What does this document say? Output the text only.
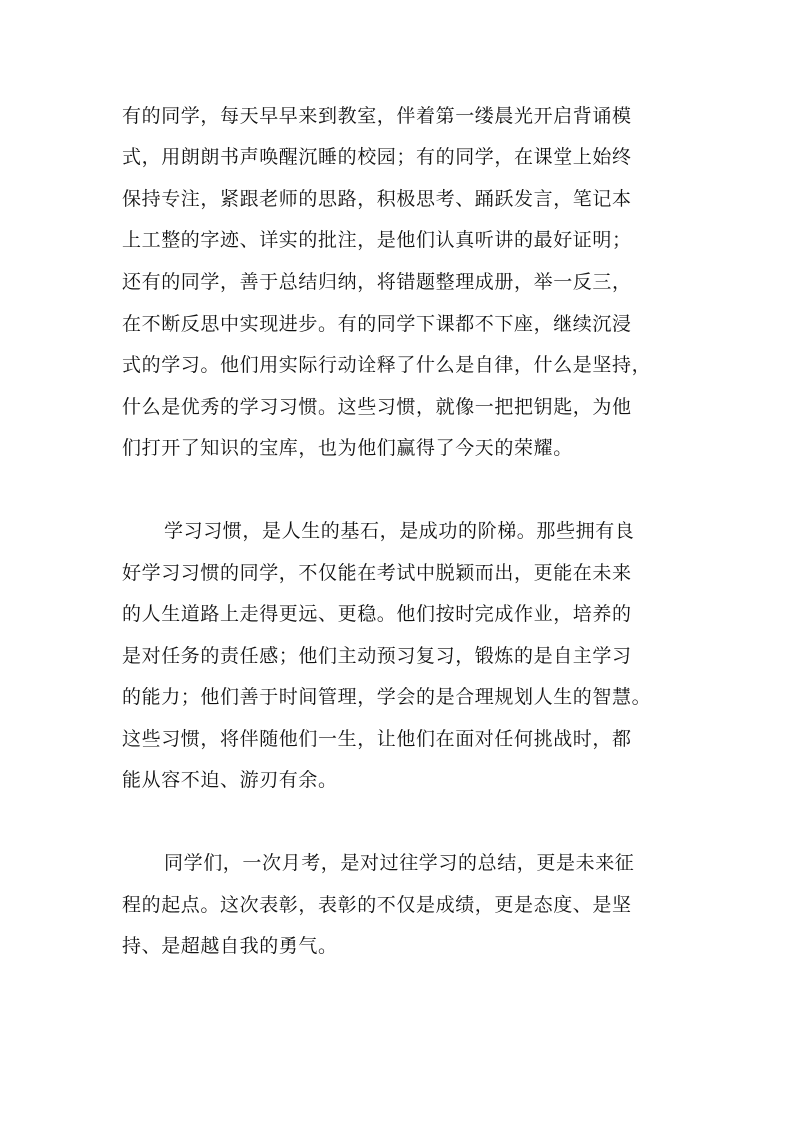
有的同学，每天早早来到教室，伴着第一缕晨光开启背诵模
式，用朗朗书声唤醒沉睡的校园；有的同学，在课堂上始终
保持专注，紧跟老师的思路，积极思考、踊跃发言，笔记本
上工整的字迹、详实的批注，是他们认真听讲的最好证明；
还有的同学，善于总结归纳，将错题整理成册，举一反三，
在不断反思中实现进步。有的同学下课都不下座，继续沉浸
式的学习。他们用实际行动诠释了什么是自律，什么是坚持，
什么是优秀的学习习惯。这些习惯，就像一把把钥匙，为他
们打开了知识的宝库，也为他们赢得了今天的荣耀。
学习习惯，是人生的基石，是成功的阶梯。那些拥有良
好学习习惯的同学，不仅能在考试中脱颖而出，更能在未来
的人生道路上走得更远、更稳。他们按时完成作业，培养的
是对任务的责任感；他们主动预习复习，锻炼的是自主学习
的能力；他们善于时间管理，学会的是合理规划人生的智慧。
这些习惯，将伴随他们一生，让他们在面对任何挑战时，都
能从容不迫、游刃有余。
同学们，一次月考，是对过往学习的总结，更是未来征
程的起点。这次表彰，表彰的不仅是成绩，更是态度、是坚
持、是超越自我的勇气。
